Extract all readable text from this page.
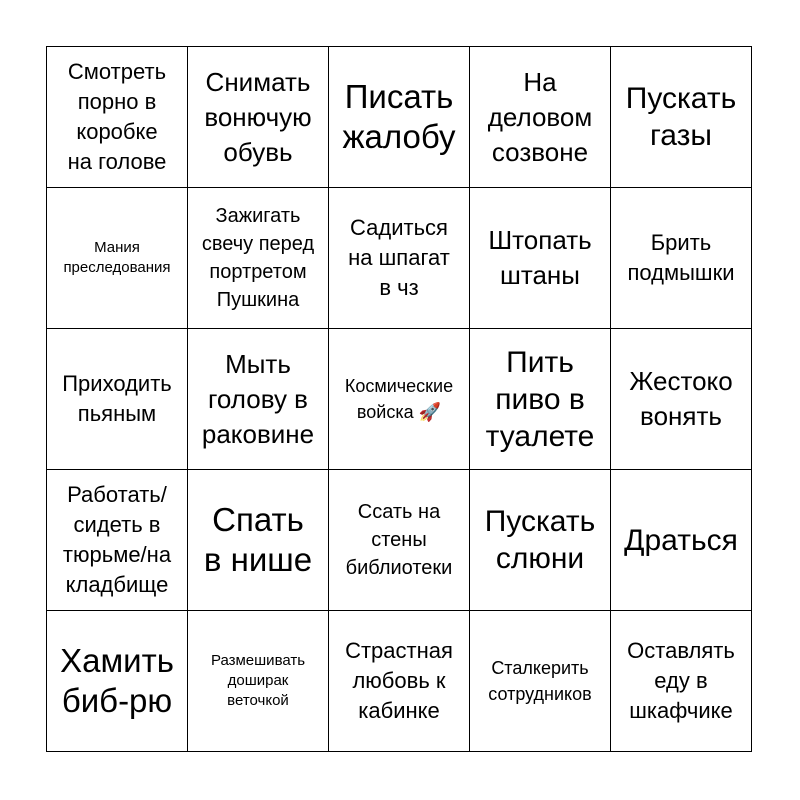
Смотреть
порно в
коробке
на голове
Снимать
вонючую
обувь
Писать
жалобу
На
деловом
созвоне
Пускать
газы
Мания
преследования
Зажигать
свечу перед
портретом
Пушкина
Садиться
на шпагат
в чз
Штопать
штаны
Брить
подмышки
Приходить
пьяным
Мыть
голову в
раковине
Космические
войска 🚀
Пить
пиво в
туалете
Жестоко
вонять
Работать/
сидеть в
тюрьме/на
кладбище
Спать
в нише
Ссать на
стены
библиотеки
Пускать
слюни
Драться
Хамить
биб-рю
Размешивать
доширак
веточкой
Страстная
любовь к
кабинке
Сталкерить
сотрудников
Оставлять
еду в
шкафчике
